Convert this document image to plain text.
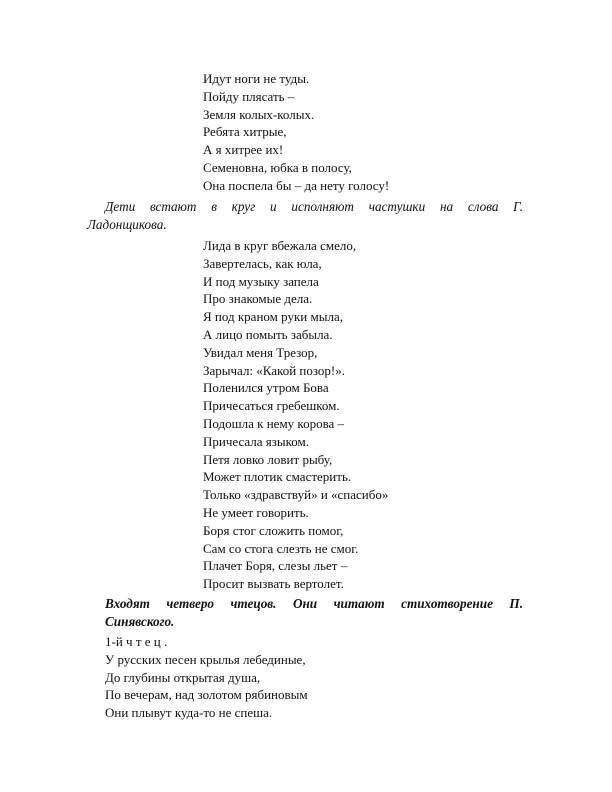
Идут ноги не туды.
Пойду плясать –
Земля колых-колых.
Ребята хитрые,
А я хитрее их!
Семеновна, юбка в полосу,
Она поспела бы – да нету голосу!
Дети встают в круг и исполняют частушки на слова Г.
Ладонщикова.
Лида в круг вбежала смело,
Завертелась, как юла,
И под музыку запела
Про знакомые дела.
Я под краном руки мыла,
А лицо помыть забыла.
Увидал меня Трезор,
Зарычал: «Какой позор!».
Поленился утром Бова
Причесаться гребешком.
Подошла к нему корова –
Причесала языком.
Петя ловко ловит рыбу,
Может плотик смастерить.
Только «здравствуй» и «спасибо»
Не умеет говорить.
Боря стог сложить помог,
Сам со стога слезть не смог.
Плачет Боря, слезы льет –
Просит вызвать вертолет.
Входят четверо чтецов. Они читают стихотворение П.
Синявского.
1-й ч т е ц .
У русских песен крылья лебединые,
До глубины открытая душа,
По вечерам, над золотом рябиновым
Они плывут куда-то не спеша.
